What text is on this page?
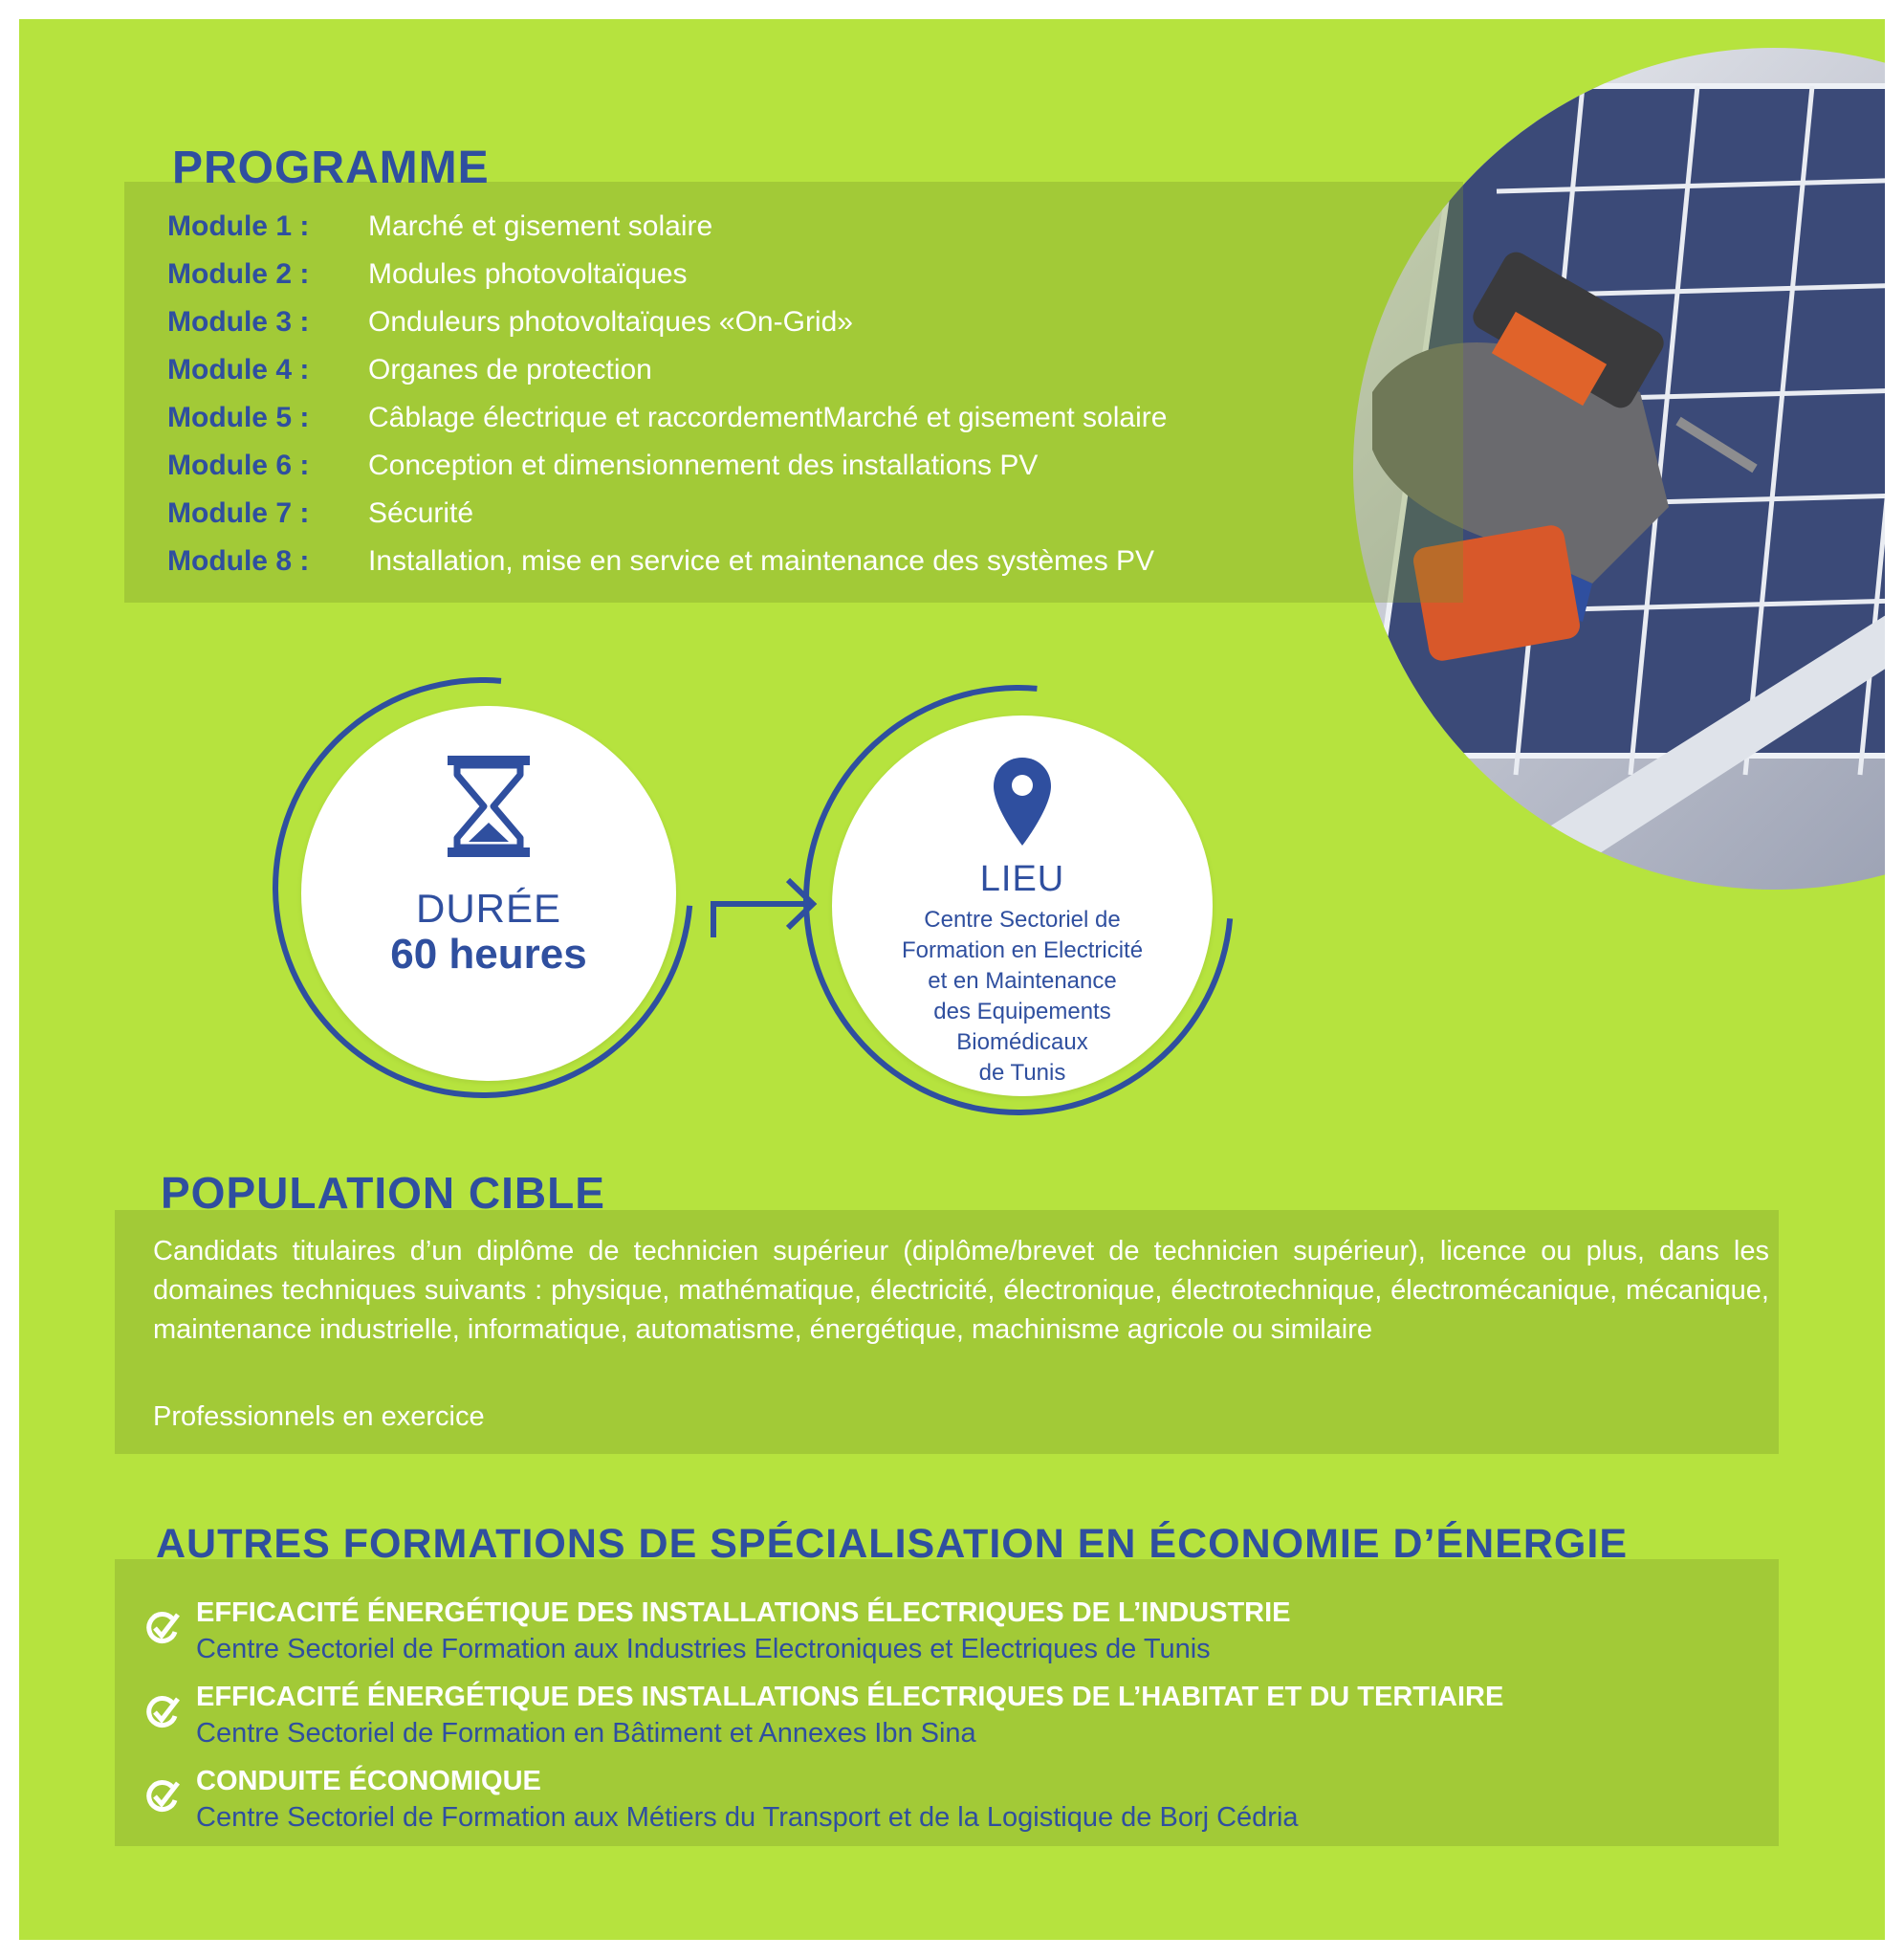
PROGRAMME
Module 1 : Marché et gisement solaire
Module 2 : Modules photovoltaïques
Module 3 : Onduleurs photovoltaïques «On-Grid»
Module 4 : Organes de protection
Module 5 : Câblage électrique et raccordementMarché et gisement solaire
Module 6 : Conception et dimensionnement des installations PV
Module 7 : Sécurité
Module 8 : Installation, mise en service et maintenance des systèmes PV
DURÉE
60 heures
LIEU
Centre Sectoriel de
Formation en Electricité
et en Maintenance
des Equipements
Biomédicaux
de Tunis
POPULATION CIBLE

Candidats titulaires d’un diplôme de technicien supérieur (diplôme/brevet de technicien supérieur), licence ou plus, dans les domaines techniques suivants : physique, mathématique, électricité, électronique, électrotechnique, électromécanique, mécanique, maintenance industrielle, informatique, automatisme, énergétique, machinisme agricole ou similaire

Professionnels en exercice
AUTRES FORMATIONS DE SPÉCIALISATION EN ÉCONOMIE D’ÉNERGIE
EFFICACITÉ ÉNERGÉTIQUE DES INSTALLATIONS ÉLECTRIQUES DE L’INDUSTRIE
Centre Sectoriel de Formation aux Industries Electroniques et Electriques de Tunis
EFFICACITÉ ÉNERGÉTIQUE DES INSTALLATIONS ÉLECTRIQUES DE L’HABITAT ET DU TERTIAIRE
Centre Sectoriel de Formation en Bâtiment et Annexes Ibn Sina
CONDUITE ÉCONOMIQUE
Centre Sectoriel de Formation aux Métiers du Transport et de la Logistique de Borj Cédria
